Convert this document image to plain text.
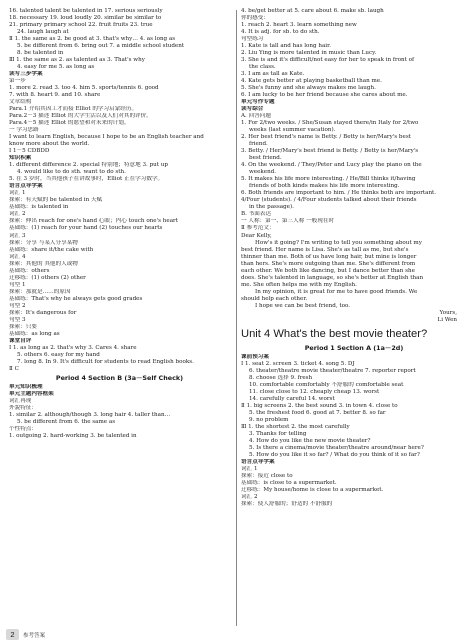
16. talented talent be talented in 17. serious seriously
18. necessary 19. loud loudly 20. similar be similar to
21. primary primary school 22. fruit fruits 23. true
24. laugh laugh at
Ⅱ 1. the same as 2. be good at 3. that's why… 4. as long as
5. be different from 6. bring out 7. a middle school student
8. be talented in
Ⅲ 1. the same as 2. as talented as 3. That's why
4. easy for me 5. as long as
读写三步学案
第一步
1. more 2. read 3. too 4. him 5. sports/tennis 6. good
7. with 8. heart 9. and 10. share
文章结构
Para.1 介绍其因工才而接 Elliot 的学习启蒙经历。
Para.2－3 描述 Elliot 的大学生活以及人们对其的评价。
Para.4－5 描述 Elliot 的愿望和对未来的计划。
一 学习思路
I want to learn English, because I hope to be an English teacher and
know more about the world.
Ⅰ 1－5 CDBDD
知识积累
1. different difference 2. special 特别地；特意地 3. put up
4. would like to do sth. want to do sth.
5. 在 3 岁时，当其他孩子在讲故事时，Elliot 正在学习数学。
语言点导学案
词汇 1
探索：有天赋的 be talented in 天赋
基础练：is talented in
词汇 2
探索：伸出 reach for one's hand 心眼；内心 touch one's heart
基础练：(1) reach for your hand (2) touches our hearts
词汇 3
探索：分享 与某人分享某物
基础练：share it/the cake with
词汇 4
探索：其他的 其他的人或物
基础练：others
迁移练：(1) others (2) other
句型 1
探索：那就是……的原因
基础练：That's why he always gets good grades
句型 2
探索：It's dangerous for
句型 3
探索：只要
基础练：as long as
课堂自评
Ⅰ 1. as long as 2. that's why 3. Cares 4. share
5. others 6. easy for my hand
7. long 8. In 9. It's difficult for students to read English books.
Ⅱ C
Period 4 Section B (3a－Self Check)
单元知识梳理
单元主题内容框架
词汇再现
外貌特征：
1. similar 2. although/though 3. long hair 4. taller than…
5. be different from 6. the same as
个性特点：
1. outgoing 2. hard-working 3. be talented in
4. be/get better at 5. care about 6. make sb. laugh
你的感受：
1. reach 2. heart 3. learn something new
4. It is adj. for sb. to do sth.
句型练习
1. Kate is tall and has long hair.
2. Liu Ying is more talented in music than Lucy.
3. She is and it's difficult/not easy for her to speak in front of
the class.
3. I am as tall as Kate.
4. Kate gets better at playing basketball than me.
5. She's funny and she always makes me laugh.
6. I am lucky to be her friend because she cares about me.
单元写作专题
读写综合
A. 回答问题
1. For 2/two weeks. / She/Susan stayed there/in Italy for 2/two
weeks (last summer vacation).
2. Her best friend's name is Betty. / Betty is her/Mary's best
friend.
3. Betty. / Her/Mary's best friend is Betty. / Betty is her/Mary's
best friend.
4. On the weekend. / They/Peter and Lucy play the piano on the
weekend.
5. It makes his life more interesting. / He/Bill thinks it/having
friends of both kinds makes his life more interesting.
6. Both friends are important to him. / He thinks both are important.
4/Four (students). / 4/Four students talked about their friends
in the passage).
B. 书面表达
一 人称：第一、第三人称 一般现在时
Ⅱ 参考范文：
Dear Kelly,
How's it going? I'm writing to tell you something about my
best friend. Her name is Lisa. She's as tall as me, but she's
thinner than me. Both of us have long hair, but mine is longer
than hers. She's more outgoing than me. She's different from
each other. We both like dancing, but I dance better than she
does. She's talented in language, so she's better at English than
me. She often helps me with my English.
In my opinion, it is great for me to have good friends. We
should help each other.
I hope we can be best friend, too.
Yours,
Li Wen
Unit 4 What's the best movie theater?
Period 1 Section A (1a－2d)
课前预习案
Ⅰ 1. seat 2. screen 3. ticket 4. song 5. DJ
6. theater/theatre movie theater/theatre 7. reporter report
8. choose 选择 9. fresh
10. comfortable comfortably 不舒服的 comfortable seat
11. close close to 12. cheaply cheap 13. worst
14. carefully careful 14. worst
Ⅱ 1. big screens 2. the best sound 3. in town 4. close to
5. the freshest food 6. good at 7. better 8. so far
9. no problem
Ⅲ 1. the shortest 2. the most carefully
3. Thanks for telling
4. How do you like the new movie theater?
5. Is there a cinema/movie theater/theatre around/near here?
5. How do you like it so far? / What do you think of it so far?
语言点导学案
词汇 1
探索：接近 close to
基础练：is close to a supermarket.
迁移练：My house/home is close to a supermarket.
词汇 2
探索：使人舒服的；舒适的 不舒服的
2	参考答案
